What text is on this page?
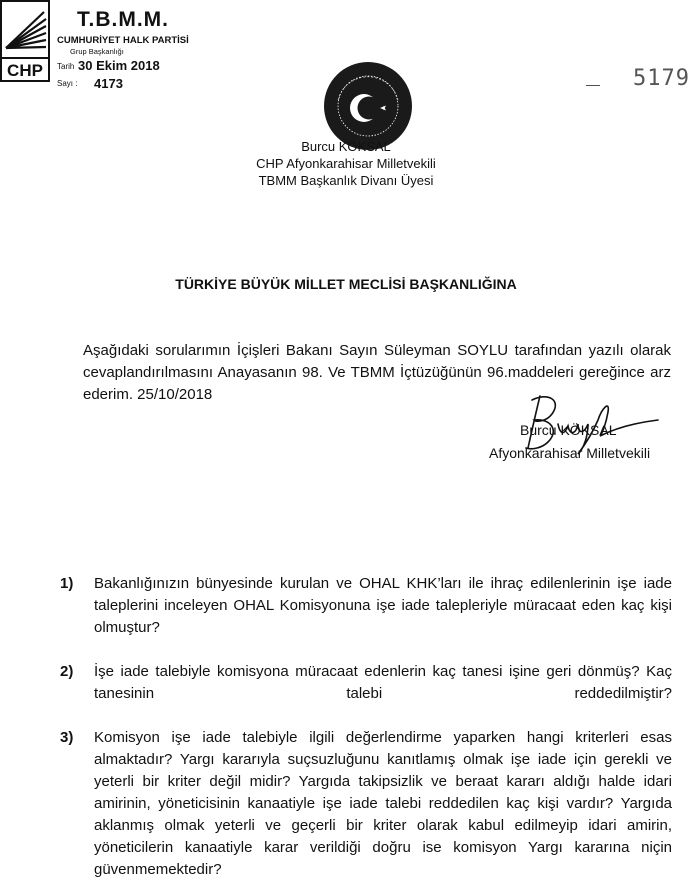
CHP
T.B.M.M.
CUMHURİYET HALK PARTİSİ
Grup Başkanlığı
Tarih 30 Ekim 2018
Sayı : 4173	— 5179
Burcu KÖKSAL
CHP Afyonkarahisar Milletvekili
TBMM Başkanlık Divanı Üyesi
TÜRKİYE BÜYÜK MİLLET MECLİSİ BAŞKANLIĞINA
Aşağıdaki sorularımın İçişleri Bakanı Sayın Süleyman SOYLU tarafından yazılı olarak cevaplandırılmasını Anayasanın 98. Ve TBMM İçtüzüğünün 96.maddeleri gereğince arz ederim. 25/10/2018
Burcu KÖKSAL
Afyonkarahisar Milletvekili
1)	Bakanlığınızın bünyesinde kurulan ve OHAL KHK’ları ile ihraç edilenlerinin işe iade taleplerini inceleyen OHAL Komisyonuna işe iade talepleriyle müracaat eden kaç kişi olmuştur?
2)	İşe iade talebiyle komisyona müracaat edenlerin kaç tanesi işine geri dönmüş? Kaç tanesinin talebi reddedilmiştir?
3)	Komisyon işe iade talebiyle ilgili değerlendirme yaparken hangi kriterleri esas almaktadır? Yargı kararıyla suçsuzluğunu kanıtlamış olmak işe iade için gerekli ve yeterli bir kriter değil midir? Yargıda takipsizlik ve beraat kararı aldığı halde idari amirinin, yöneticisinin kanaatiyle işe iade talebi reddedilen kaç kişi vardır? Yargıda aklanmış olmak yeterli ve geçerli bir kriter olarak kabul edilmeyip idari amirin, yöneticilerin kanaatiyle karar verildiği doğru ise komisyon Yargı kararına niçin güvenmemektedir?
